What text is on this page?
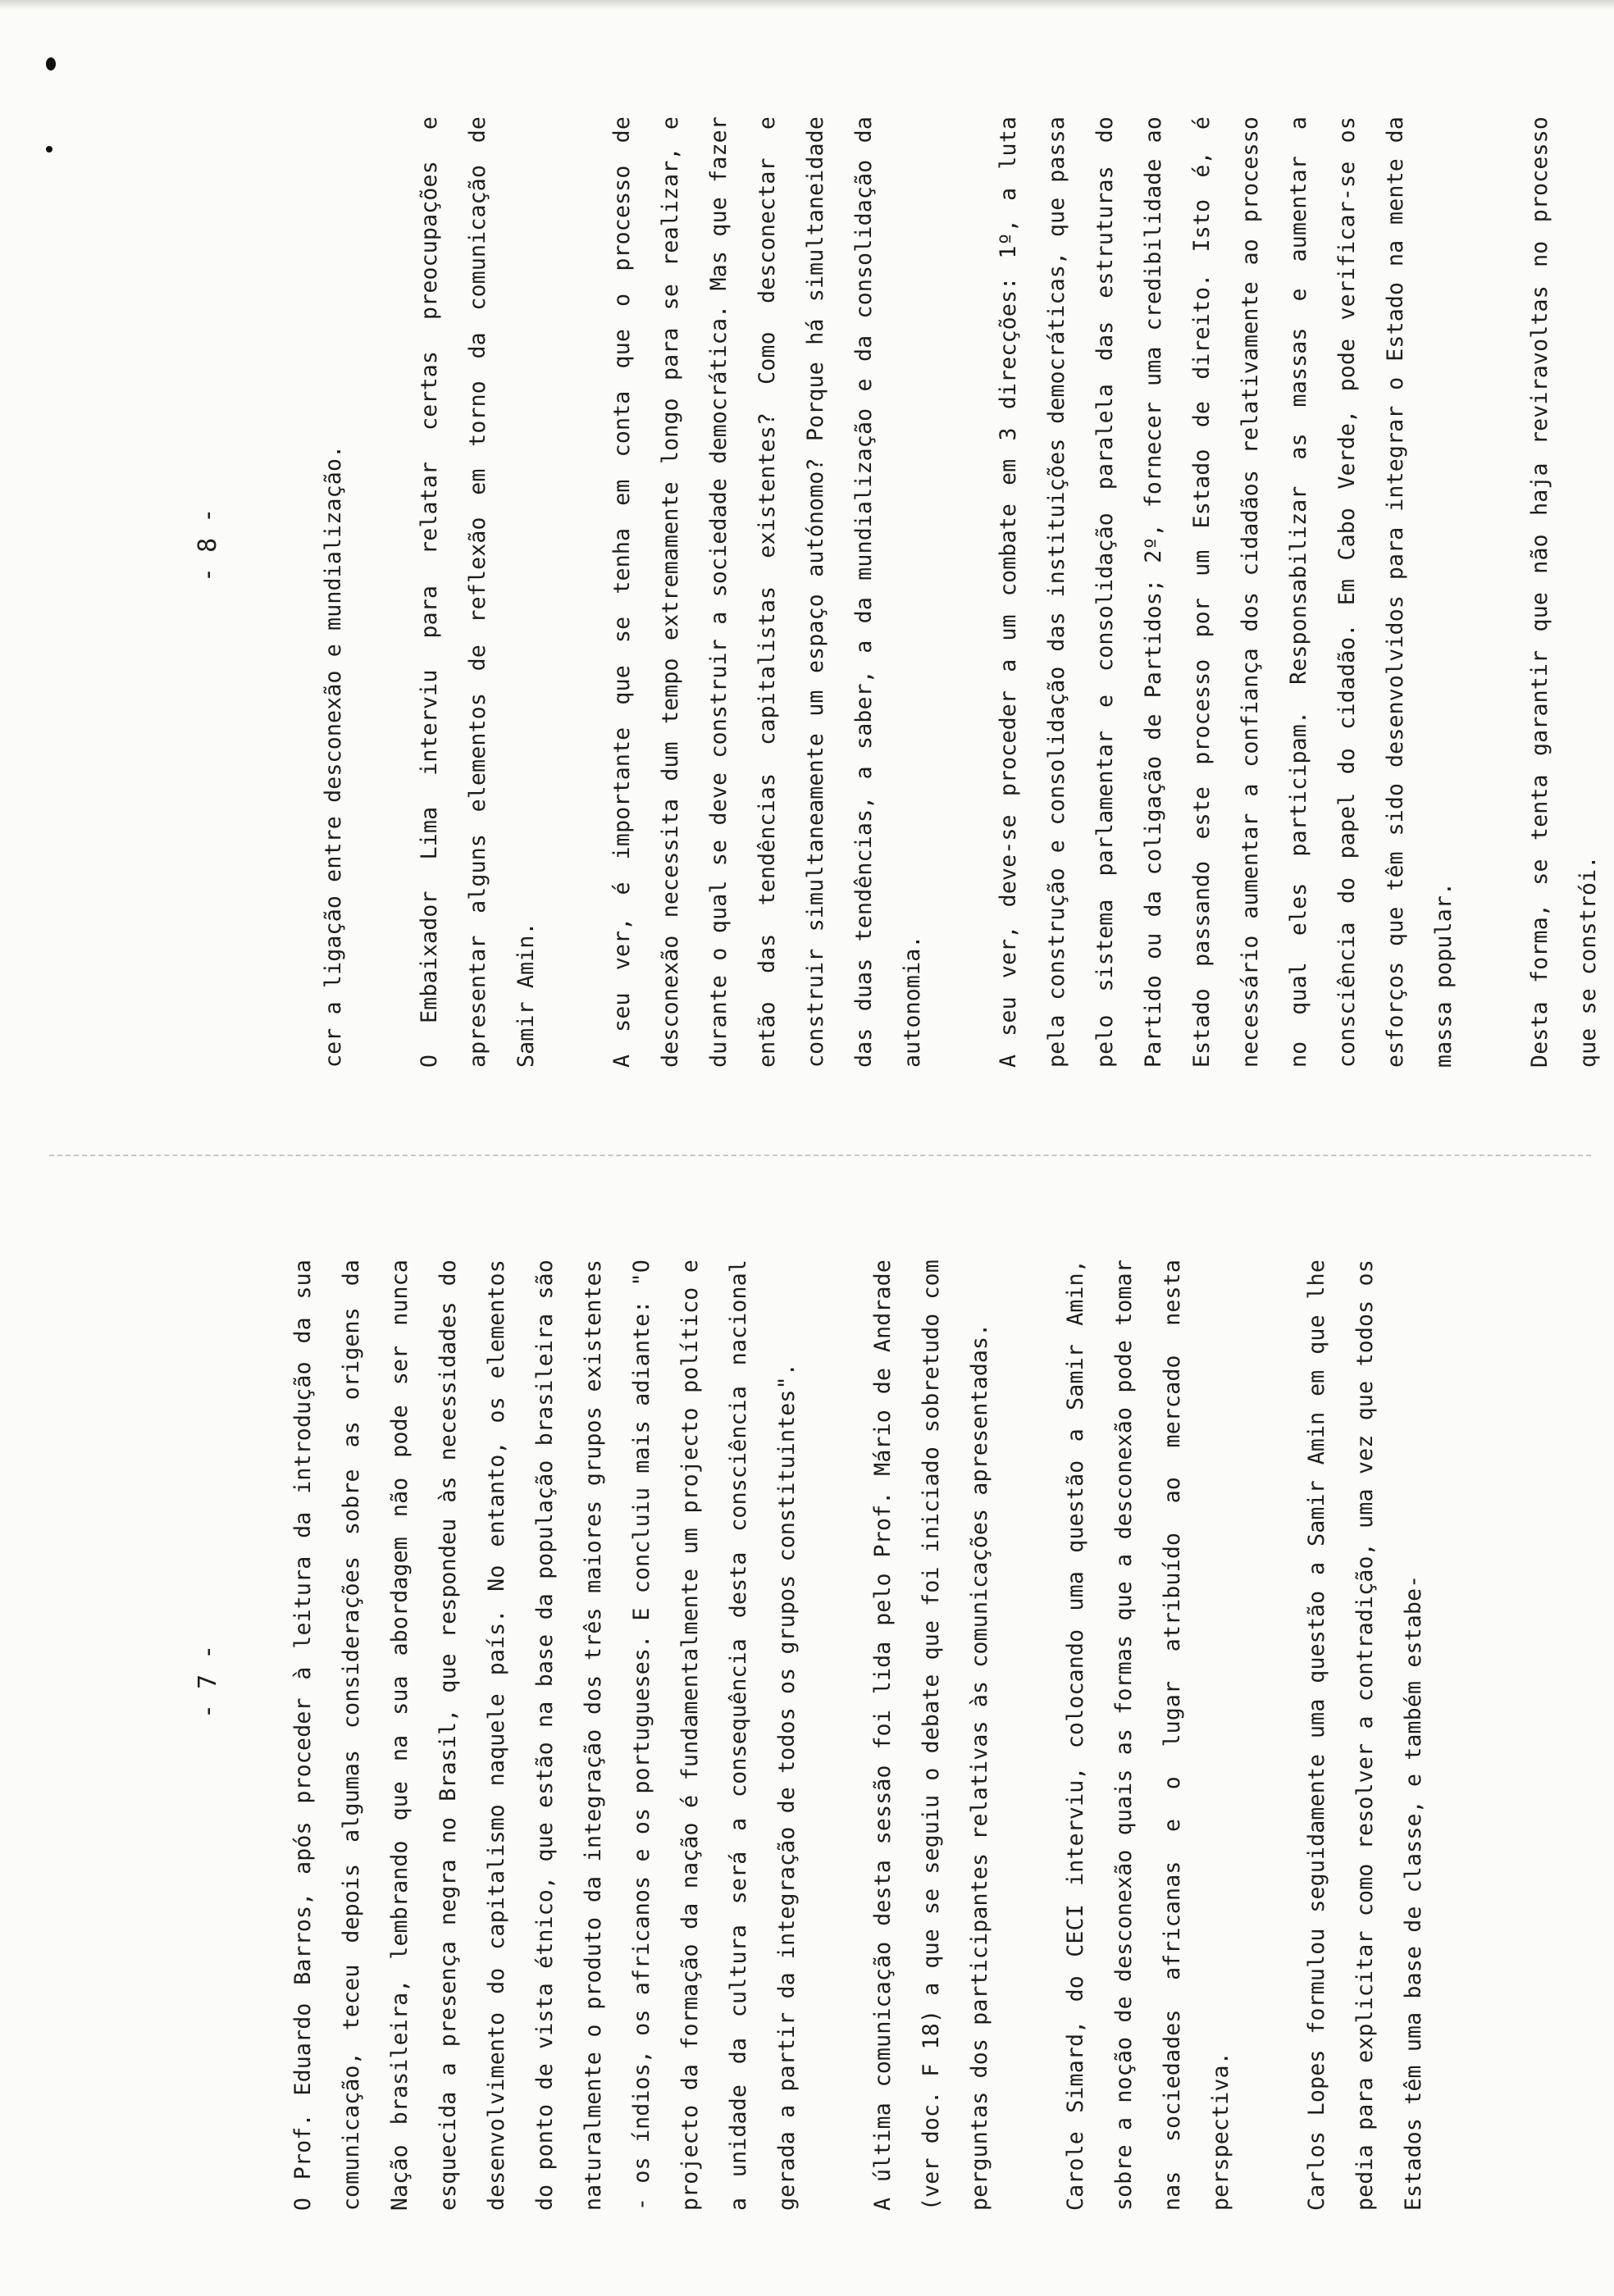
- 7 -	O Prof. Eduardo Barros, após proceder à leitura da introdução da sua comunicação, teceu depois algumas considerações sobre as origens da Nação brasileira, lembrando que na sua abordagem não pode ser nunca esquecida a presença negra no Brasil, que respondeu às necessidades do desenvolvimento do capitalismo naquele país. No entanto, os elementos do ponto de vista étnico, que estão na base da população brasileira são naturalmente o produto da integração dos três maiores grupos existentes - os índios, os africanos e os portugueses. E concluiu mais adiante: "O projecto da formação da nação é fundamentalmente um projecto político e a unidade da cultura será a consequência desta consciência nacional gerada a partir da integração de todos os grupos constituintes".	A última comunicação desta sessão foi lida pelo Prof. Mário de Andrade (ver doc. F 18) a que se seguiu o debate que foi iniciado sobretudo com perguntas dos participantes relativas às comunicações apresentadas.	Carole Simard, do CECI interviu, colocando uma questão a Samir Amin, sobre a noção de desconexão quais as formas que a desconexão pode tomar nas sociedades africanas e o lugar atribuído ao mercado nesta perspectiva.	Carlos Lopes formulou seguidamente uma questão a Samir Amin em que lhe pedia para explicitar como resolver a contradição, uma vez que todos os Estados têm uma base de classe, e também estabe-

- 8 -	cer a ligação entre desconexão e mundialização.	O Embaixador Lima interviu para relatar certas preocupações e apresentar alguns elementos de reflexão em torno da comunicação de Samir Amin.	A seu ver, é importante que se tenha em conta que o processo de desconexão necessita dum tempo extremamente longo para se realizar, e durante o qual se deve construir a sociedade democrática. Mas que fazer então das tendências capitalistas existentes? Como desconectar e construir simultaneamente um espaço autónomo? Porque há simultaneidade das duas tendências, a saber, a da mundialização e da consolidação da autonomia.	A seu ver, deve-se proceder a um combate em 3 direcções: 1º, a luta pela construção e consolidação das instituições democráticas, que passa pelo sistema parlamentar e consolidação paralela das estruturas do Partido ou da coligação de Partidos; 2º, fornecer uma credibilidade ao Estado passando este processo por um Estado de direito. Isto é, é necessário aumentar a confiança dos cidadãos relativamente ao processo no qual eles participam. Responsabilizar as massas e aumentar a consciência do papel do cidadão. Em Cabo Verde, pode verificar-se os esforços que têm sido desenvolvidos para integrar o Estado na mente da massa popular.	Desta forma, se tenta garantir que não haja reviravoltas no processo que se constrói.
